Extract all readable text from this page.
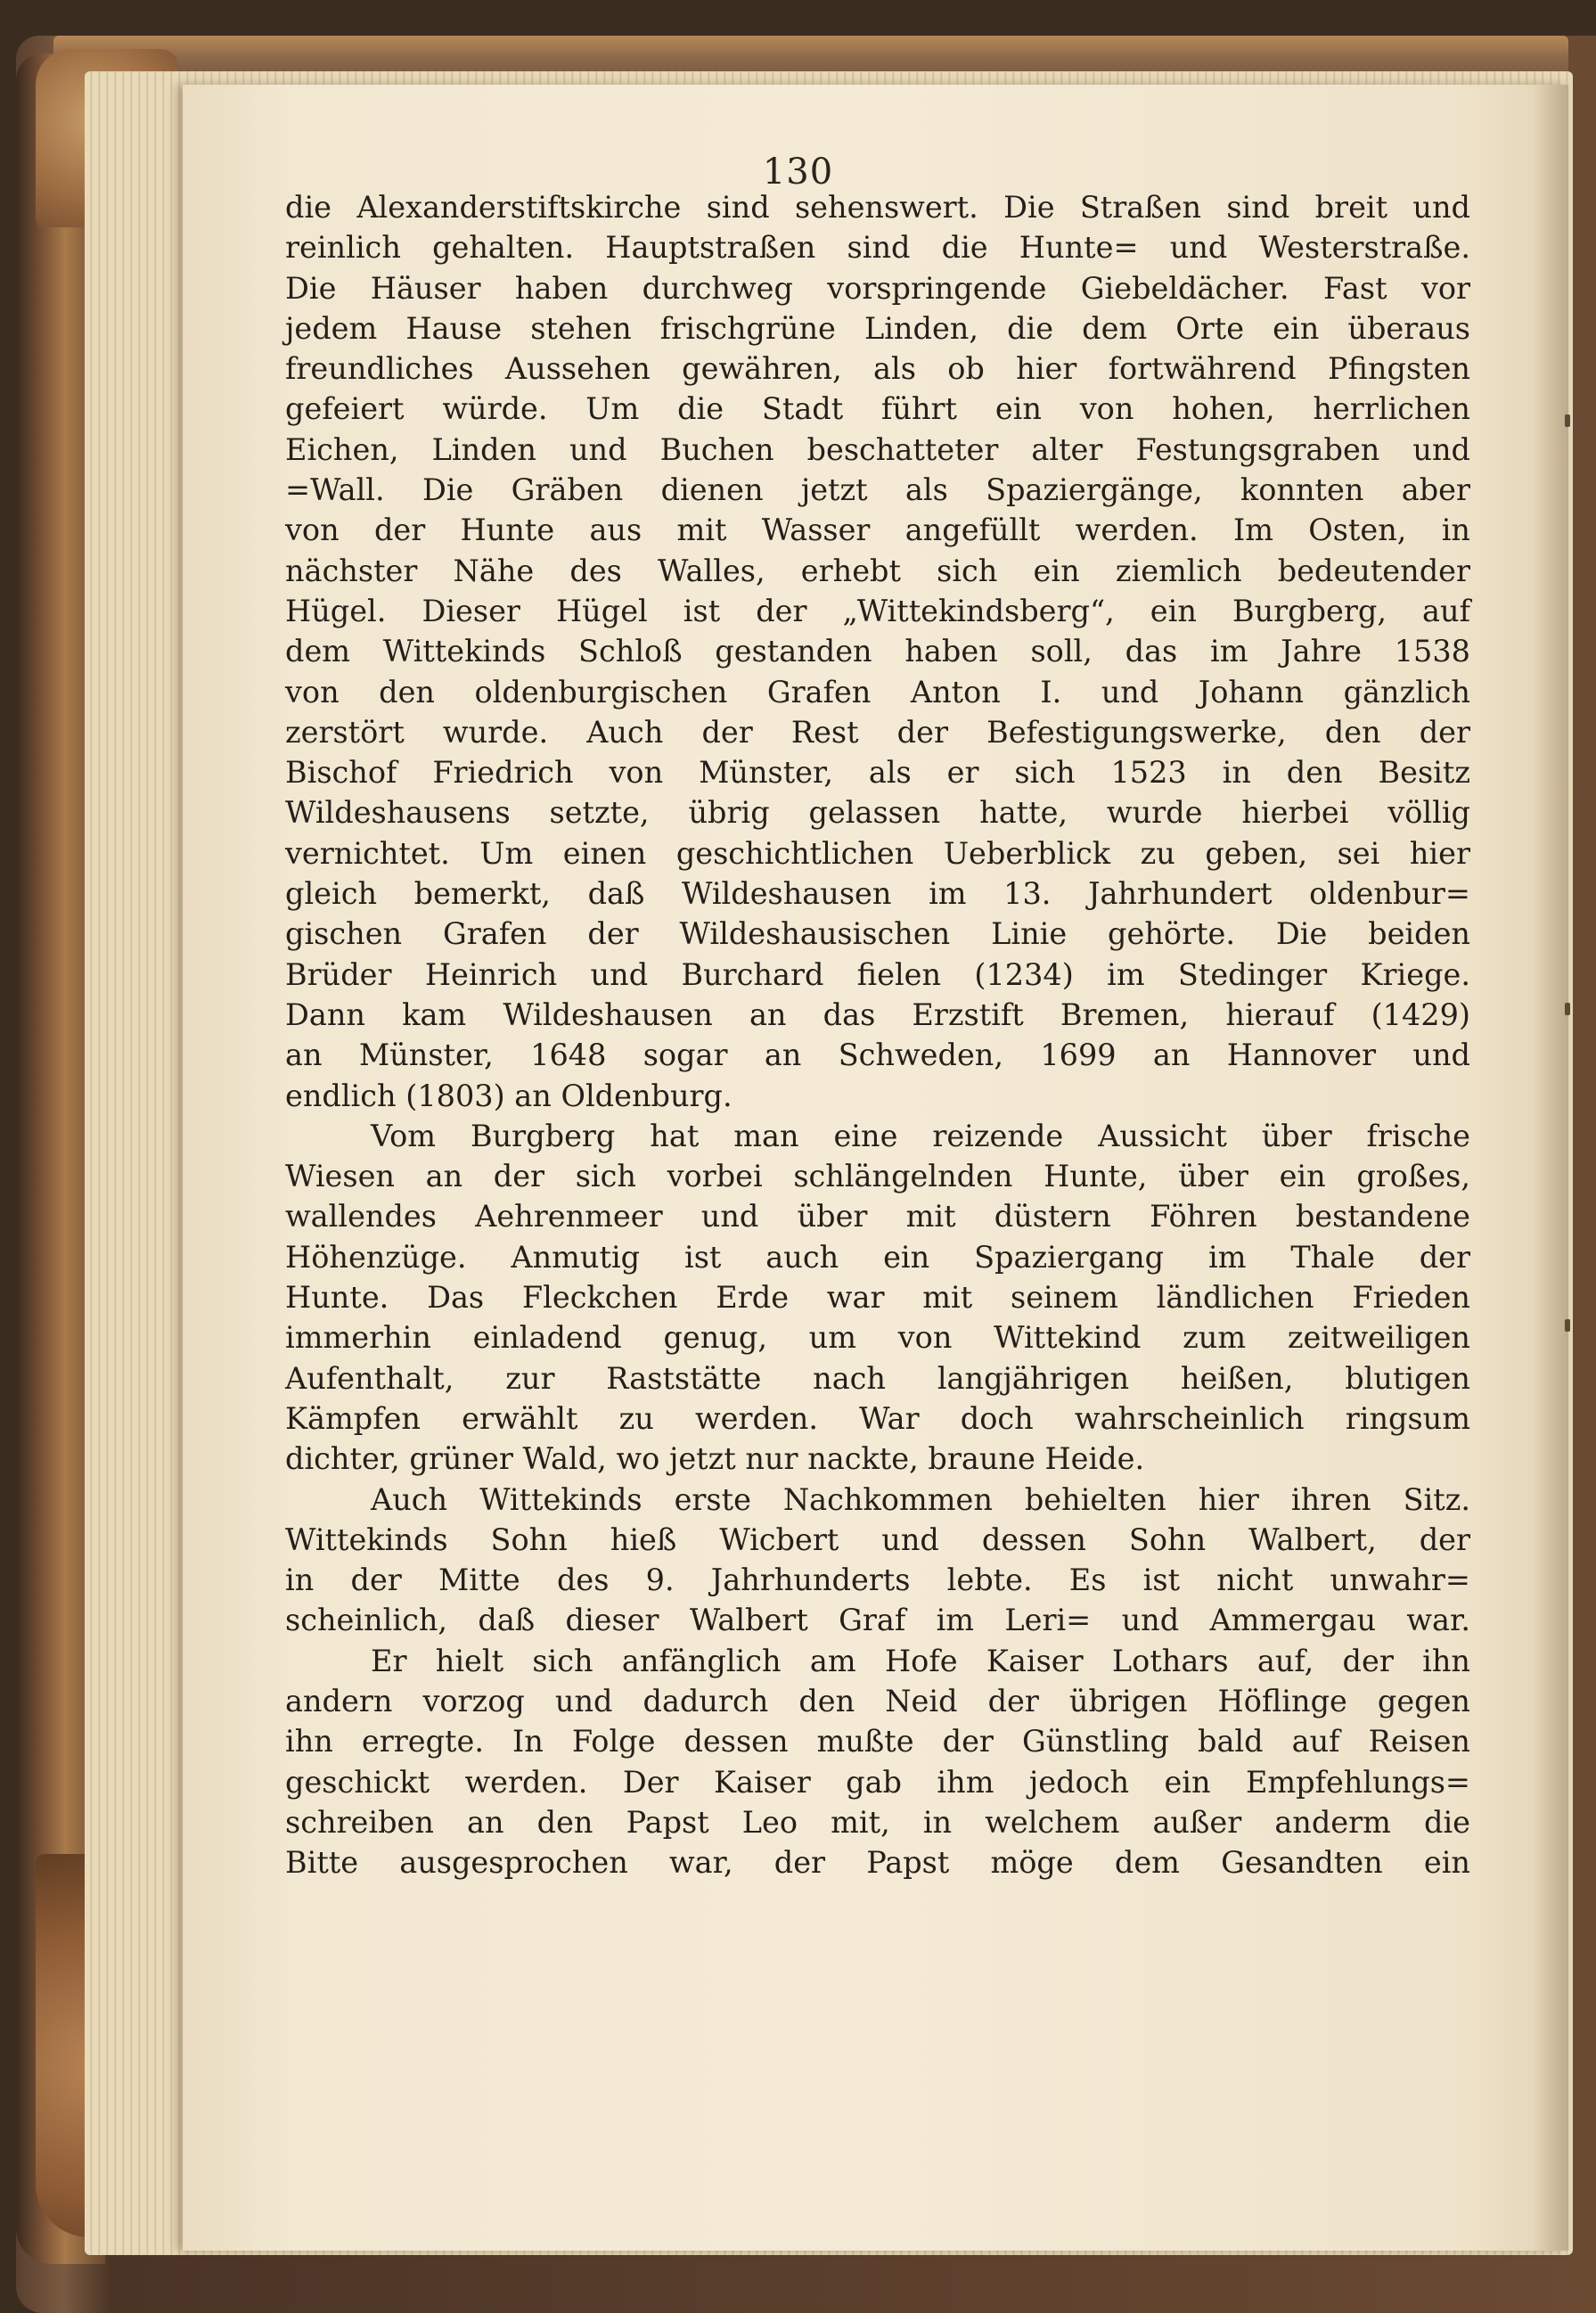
130
die Alexanderstiftskirche sind sehenswert. Die Straßen sind breit und
reinlich gehalten. Hauptstraßen sind die Hunte= und Westerstraße.
Die Häuser haben durchweg vorspringende Giebeldächer. Fast vor
jedem Hause stehen frischgrüne Linden, die dem Orte ein überaus
freundliches Aussehen gewähren, als ob hier fortwährend Pfingsten
gefeiert würde. Um die Stadt führt ein von hohen, herrlichen
Eichen, Linden und Buchen beschatteter alter Festungsgraben und
=Wall. Die Gräben dienen jetzt als Spaziergänge, konnten aber
von der Hunte aus mit Wasser angefüllt werden. Im Osten, in
nächster Nähe des Walles, erhebt sich ein ziemlich bedeutender
Hügel. Dieser Hügel ist der „Wittekindsberg“, ein Burgberg, auf
dem Wittekinds Schloß gestanden haben soll, das im Jahre 1538
von den oldenburgischen Grafen Anton I. und Johann gänzlich
zerstört wurde. Auch der Rest der Befestigungswerke, den der
Bischof Friedrich von Münster, als er sich 1523 in den Besitz
Wildeshausens setzte, übrig gelassen hatte, wurde hierbei völlig
vernichtet. Um einen geschichtlichen Ueberblick zu geben, sei hier
gleich bemerkt, daß Wildeshausen im 13. Jahrhundert oldenbur=
gischen Grafen der Wildeshausischen Linie gehörte. Die beiden
Brüder Heinrich und Burchard fielen (1234) im Stedinger Kriege.
Dann kam Wildeshausen an das Erzstift Bremen, hierauf (1429)
an Münster, 1648 sogar an Schweden, 1699 an Hannover und
endlich (1803) an Oldenburg.
Vom Burgberg hat man eine reizende Aussicht über frische
Wiesen an der sich vorbei schlängelnden Hunte, über ein großes,
wallendes Aehrenmeer und über mit düstern Föhren bestandene
Höhenzüge. Anmutig ist auch ein Spaziergang im Thale der
Hunte. Das Fleckchen Erde war mit seinem ländlichen Frieden
immerhin einladend genug, um von Wittekind zum zeitweiligen
Aufenthalt, zur Raststätte nach langjährigen heißen, blutigen
Kämpfen erwählt zu werden. War doch wahrscheinlich ringsum
dichter, grüner Wald, wo jetzt nur nackte, braune Heide.
Auch Wittekinds erste Nachkommen behielten hier ihren Sitz.
Wittekinds Sohn hieß Wicbert und dessen Sohn Walbert, der
in der Mitte des 9. Jahrhunderts lebte. Es ist nicht unwahr=
scheinlich, daß dieser Walbert Graf im Leri= und Ammergau war.
Er hielt sich anfänglich am Hofe Kaiser Lothars auf, der ihn
andern vorzog und dadurch den Neid der übrigen Höflinge gegen
ihn erregte. In Folge dessen mußte der Günstling bald auf Reisen
geschickt werden. Der Kaiser gab ihm jedoch ein Empfehlungs=
schreiben an den Papst Leo mit, in welchem außer anderm die
Bitte ausgesprochen war, der Papst möge dem Gesandten ein
